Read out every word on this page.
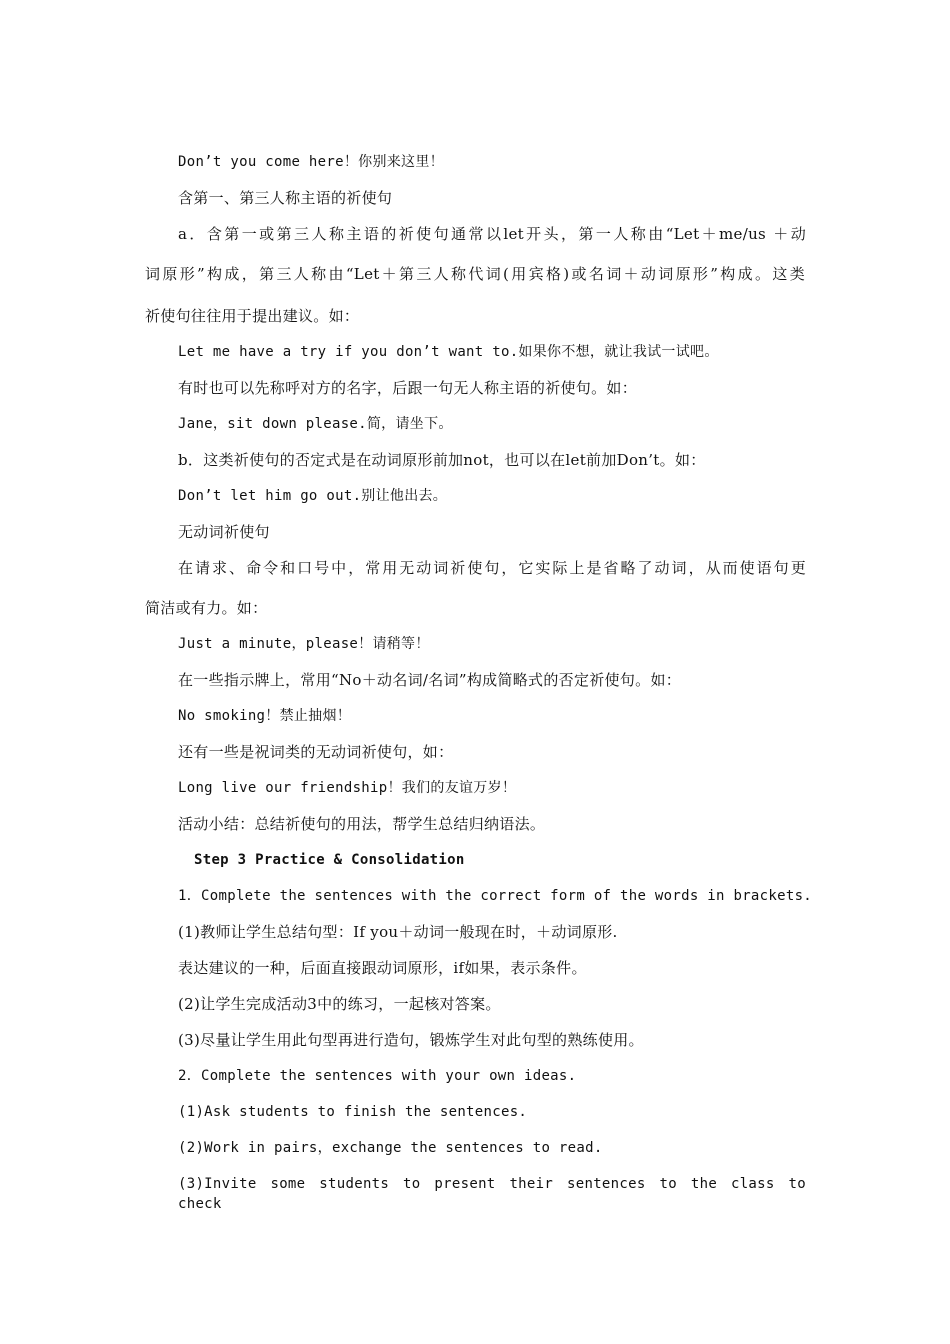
Don’t you come here！你别来这里！
含第一、第三人称主语的祈使句
a．含第一或第三人称主语的祈使句通常以let开头，第一人称由“Let＋me/us ＋动
词原形”构成，第三人称由“Let＋第三人称代词(用宾格)或名词＋动词原形”构成。这类
祈使句往往用于提出建议。如：
Let me have a try if you don’t want to.如果你不想，就让我试一试吧。
有时也可以先称呼对方的名字，后跟一句无人称主语的祈使句。如：
Jane，sit down please.简，请坐下。
b．这类祈使句的否定式是在动词原形前加not，也可以在let前加Don’t。如：
Don’t let him go out.别让他出去。
无动词祈使句
在请求、命令和口号中，常用无动词祈使句，它实际上是省略了动词，从而使语句更
简洁或有力。如：
Just a minute，please！请稍等！
在一些指示牌上，常用“No＋动名词/名词”构成简略式的否定祈使句。如：
No smoking！禁止抽烟！
还有一些是祝词类的无动词祈使句，如：
Long live our friendship！我们的友谊万岁！
活动小结：总结祈使句的用法，帮学生总结归纳语法。
Step 3 Practice & Consolidation
1．Complete the sentences with the correct form of the words in brackets.
(1)教师让学生总结句型：If you＋动词一般现在时，＋动词原形.
表达建议的一种，后面直接跟动词原形，if如果，表示条件。
(2)让学生完成活动3中的练习，一起核对答案。
(3)尽量让学生用此句型再进行造句，锻炼学生对此句型的熟练使用。
2．Complete the sentences with your own ideas.
(1)Ask students to finish the sentences.
(2)Work in pairs，exchange the sentences to read.
(3)Invite some students to present their sentences to the class to check
